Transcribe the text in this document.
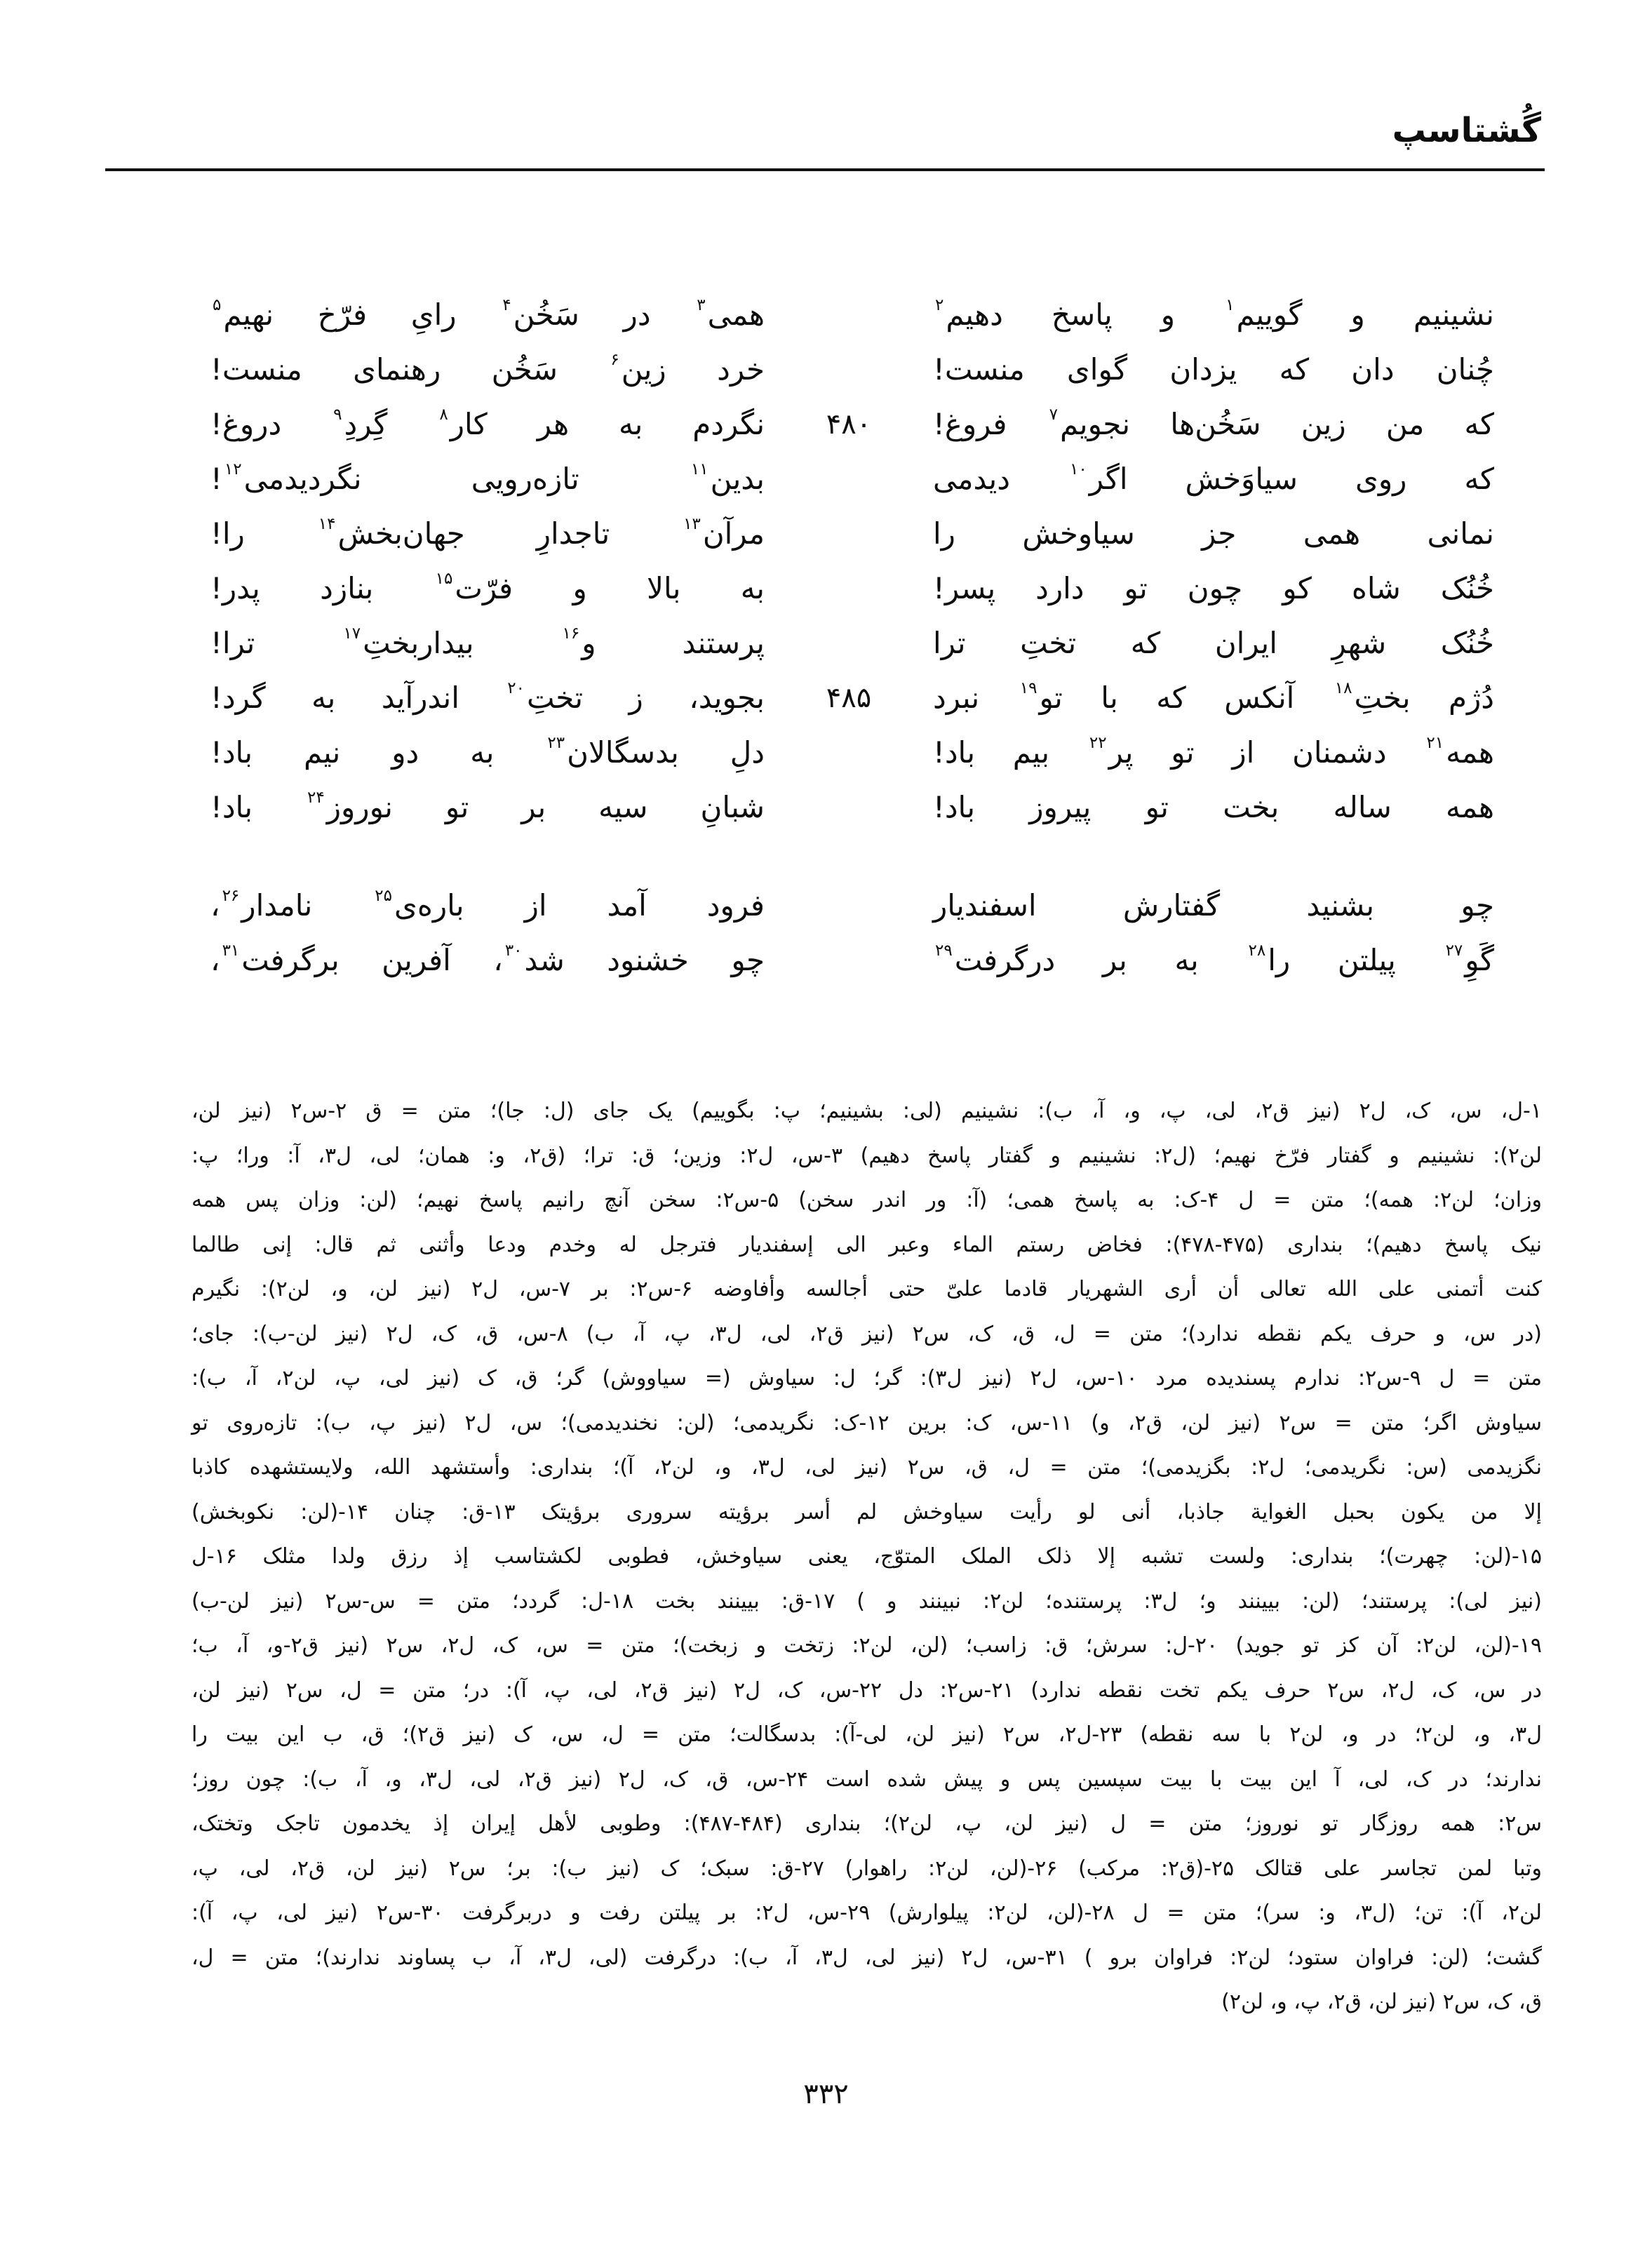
گُشتاسپ
نشینیم و گوییم$^۱$ و پاسخ دهیم$^۲$
همی$^۳$ در سَخُن$^۴$ رایِ فرّخ نهیم$^۵$
چُنان دان که یزدان گوای منست!
خرد زین$^۶$ سَخُن رهنمای منست!
که من زین سَخُن‌ها نجویم$^۷$ فروغ!
۴۸۰
نگردم به هر کار$^۸$ گِردِ$^۹$ دروغ!
که روی سیاوَخش اگر$^{۱۰}$ دیدمی
بدین$^{۱۱}$ تازه‌رویی نگردیدمی$^{۱۲}$!
نمانی همی جز سیاوخش را
مرآن$^{۱۳}$ تاجدارِ جهان‌بخش$^{۱۴}$ را!
خُنُک شاه کو چون تو دارد پسر!
به بالا و فرّت$^{۱۵}$ بنازد پدر!
خُنُک شهرِ ایران که تختِ ترا
پرستند و$^{۱۶}$ بیداربختِ$^{۱۷}$ ترا!
دُژم بختِ$^{۱۸}$ آنکس که با تو$^{۱۹}$ نبرد
۴۸۵
بجوید، ز تختِ$^{۲۰}$ اندرآید به گرد!
همه$^{۲۱}$ دشمنان از تو پر$^{۲۲}$ بیم باد!
دلِ بدسگالان$^{۲۳}$ به دو نیم باد!
همه ساله بخت تو پیروز باد!
شبانِ سیه بر تو نوروز$^{۲۴}$ باد!
چو بشنید گفتارش اسفندیار
فرود آمد از باره‌ی$^{۲۵}$ نامدار$^{۲۶}$،
گَوِ$^{۲۷}$ پیلتن را$^{۲۸}$ به بر درگرفت$^{۲۹}$
چو خشنود شد$^{۳۰}$، آفرین برگرفت$^{۳۱}$،
۱-ل، س، ک، ل۲ (نیز ق۲، لی، پ، و، آ، ب): نشینیم (لی: بشینیم؛ پ: بگوییم) یک جای (ل: جا)؛ متن = ق ۲-س۲ (نیز لن،
لن۲): نشینیم و گفتار فرّخ نهیم؛ (ل۲: نشینیم و گفتار پاسخ دهیم) ۳-س، ل۲: وزین؛ ق: ترا؛ (ق۲، و: همان؛ لی، ل۳، آ: ورا؛ پ:
وزان؛ لن۲: همه)؛ متن = ل ۴-ک: به پاسخ همی؛ (آ: ور اندر سخن) ۵-س۲: سخن آنچ رانیم پاسخ نهیم؛ (لن: وزان پس همه
نیک پاسخ دهیم)؛ بنداری (۴۷۵-۴۷۸): فخاض رستم الماء وعبر الی إسفندیار فترجل له وخدم ودعا وأثنی ثم قال: إنی طالما
کنت أتمنی علی الله تعالی أن أری الشهریار قادما علیّ حتی أجالسه وأفاوضه ۶-س۲: بر ۷-س، ل۲ (نیز لن، و، لن۲): نگیرم
(در س، و حرف یکم نقطه ندارد)؛ متن = ل، ق، ک، س۲ (نیز ق۲، لی، ل۳، پ، آ، ب) ۸-س، ق، ک، ل۲ (نیز لن-ب): جای؛
متن = ل ۹-س۲: ندارم پسندیده مرد ۱۰-س، ل۲ (نیز ل۳): گر؛ ل: سیاوش (= سیاووش) گر؛ ق، ک (نیز لی، پ، لن۲، آ، ب):
سیاوش اگر؛ متن = س۲ (نیز لن، ق۲، و) ۱۱-س، ک: برین ۱۲-ک: نگریدمی؛ (لن: نخندیدمی)؛ س، ل۲ (نیز پ، ب): تازه‌روی تو
نگزیدمی (س: نگریدمی؛ ل۲: بگزیدمی)؛ متن = ل، ق، س۲ (نیز لی، ل۳، و، لن۲، آ)؛ بنداری: وأستشهد الله، ولایستشهده کاذبا
إلا من یکون بحبل الغوایة جاذبا، أنی لو رأیت سیاوخش لم أسر برؤیته سروری برؤیتک ۱۳-ق: چنان ۱۴-(لن: نکوبخش)
۱۵-(لن: چهرت)؛ بنداری: ولست تشبه إلا ذلک الملک المتوّج، یعنی سیاوخش، فطوبی لکشتاسب إذ رزق ولدا مثلک ۱۶-ل
(نیز لی): پرستند؛ (لن: بیینند و؛ ل۳: پرستنده؛ لن۲: نبینند و ) ۱۷-ق: بیینند بخت ۱۸-ل: گردد؛ متن = س-س۲ (نیز لن-ب)
۱۹-(لن، لن۲: آن کز تو جوید) ۲۰-ل: سرش؛ ق: زاسب؛ (لن، لن۲: زتخت و زبخت)؛ متن = س، ک، ل۲، س۲ (نیز ق۲-و، آ، ب؛
در س، ک، ل۲، س۲ حرف یکم تخت نقطه ندارد) ۲۱-س۲: دل ۲۲-س، ک، ل۲ (نیز ق۲، لی، پ، آ): در؛ متن = ل، س۲ (نیز لن،
ل۳، و، لن۲؛ در و، لن۲ با سه نقطه) ۲۳-ل۲، س۲ (نیز لن، لی-آ): بدسگالت؛ متن = ل، س، ک (نیز ق۲)؛ ق، ب این بیت را
ندارند؛ در ک، لی، آ این بیت با بیت سپسین پس و پیش شده است ۲۴-س، ق، ک، ل۲ (نیز ق۲، لی، ل۳، و، آ، ب): چون روز؛
س۲: همه روزگار تو نوروز؛ متن = ل (نیز لن، پ، لن۲)؛ بنداری (۴۸۴-۴۸۷): وطوبی لأهل إیران إذ یخدمون تاجک وتختک،
وتبا لمن تجاسر علی قتالک ۲۵-(ق۲: مرکب) ۲۶-(لن، لن۲: راهوار) ۲۷-ق: سبک؛ ک (نیز ب): بر؛ س۲ (نیز لن، ق۲، لی، پ،
لن۲، آ): تن؛ (ل۳، و: سر)؛ متن = ل ۲۸-(لن، لن۲: پیلوارش) ۲۹-س، ل۲: بر پیلتن رفت و دربرگرفت ۳۰-س۲ (نیز لی، پ، آ):
گشت؛ (لن: فراوان ستود؛ لن۲: فراوان برو ) ۳۱-س، ل۲ (نیز لی، ل۳، آ، ب): درگرفت (لی، ل۳، آ، ب پساوند ندارند)؛ متن = ل،
ق، ک، س۲ (نیز لن، ق۲، پ، و، لن۲)
۳۳۲
